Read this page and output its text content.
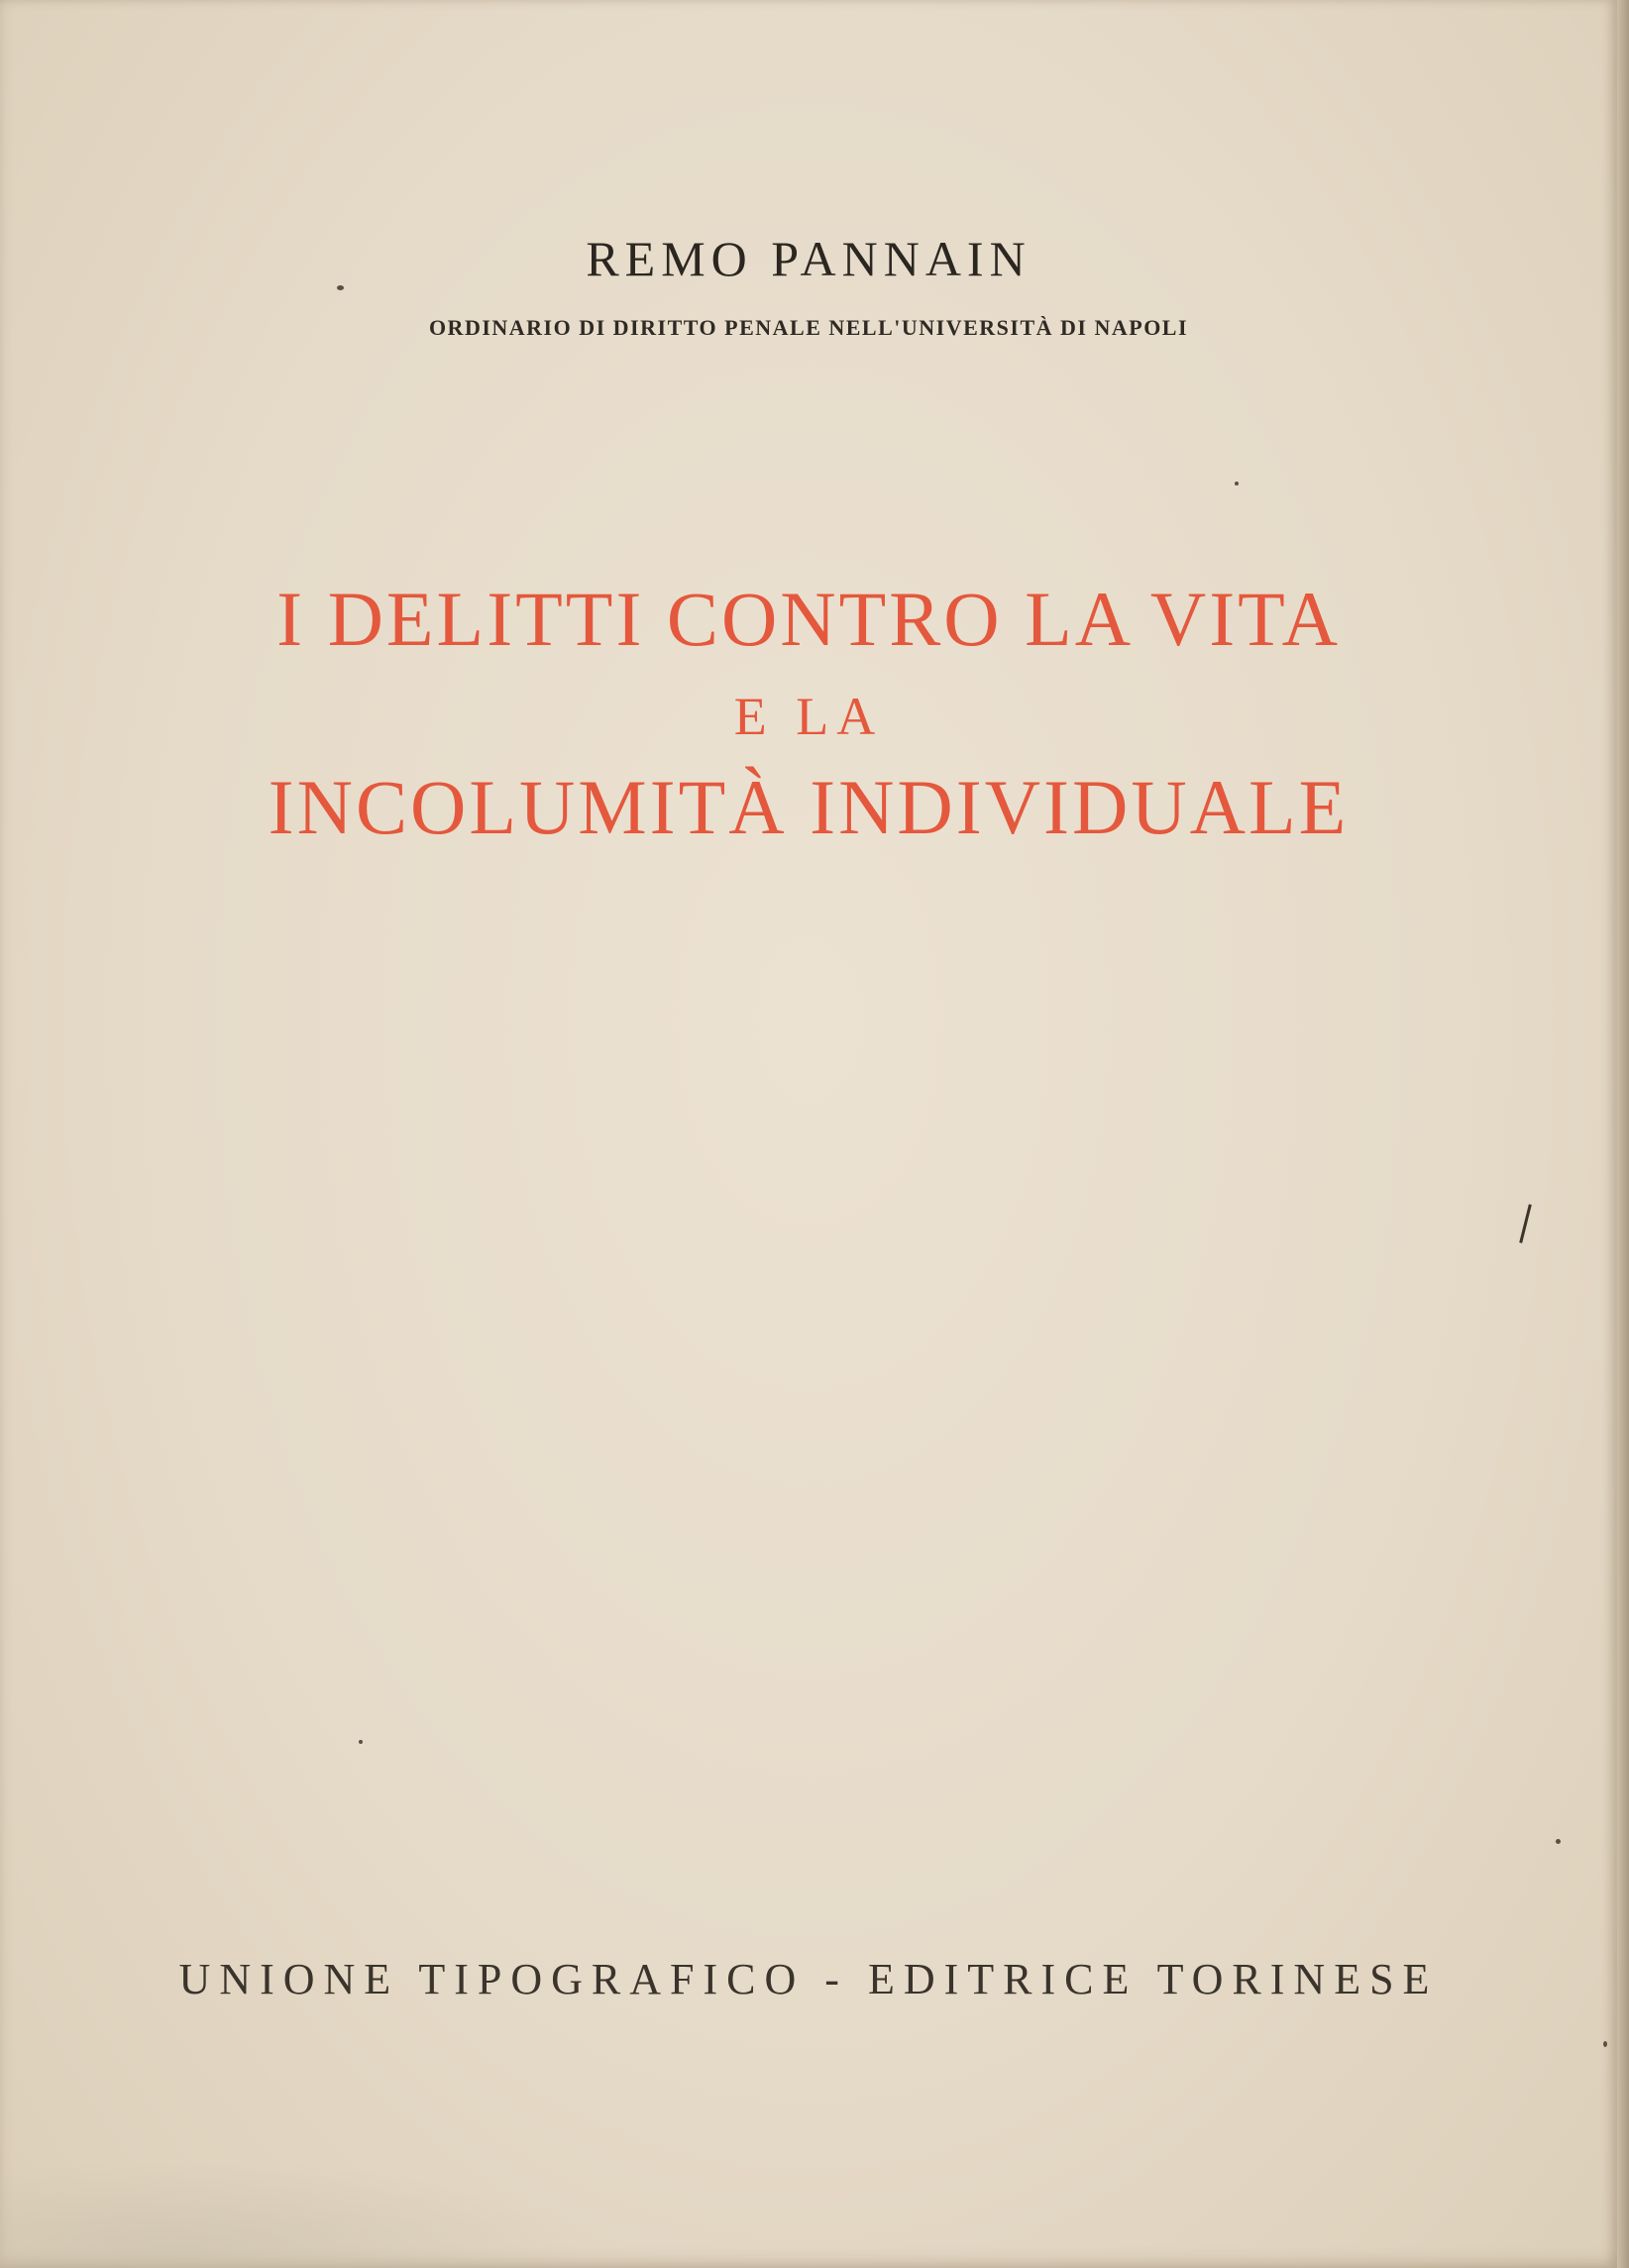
REMO PANNAIN
ORDINARIO DI DIRITTO PENALE NELL'UNIVERSITÀ DI NAPOLI
I DELITTI CONTRO LA VITA
E LA
INCOLUMITÀ INDIVIDUALE
UNIONE TIPOGRAFICO - EDITRICE TORINESE
